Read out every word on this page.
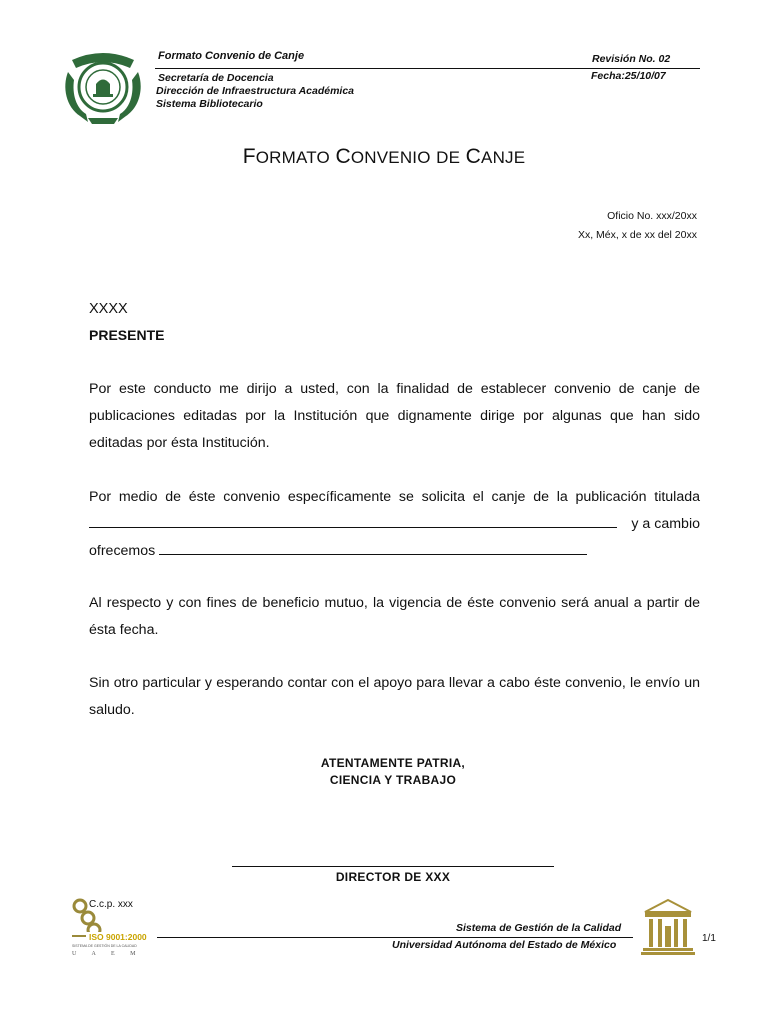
Formato Convenio de Canje	Revisión No. 02
Fecha:25/10/07
Secretaría de Docencia
Dirección de Infraestructura Académica
Sistema Bibliotecario
FORMATO CONVENIO DE CANJE
Oficio No. xxx/20xx
Xx, Méx, x de xx del 20xx
XXXX
PRESENTE
Por este conducto me dirijo a usted, con la finalidad de establecer convenio de canje de publicaciones editadas por la Institución que dignamente dirige por algunas que han sido editadas por ésta Institución.
Por medio de éste convenio específicamente se solicita el canje de la publicación titulada
y a cambio
ofrecemos
Al respecto y con fines de beneficio mutuo, la vigencia de éste convenio será anual a partir de ésta fecha.
Sin otro particular y esperando contar con el apoyo para llevar a cabo éste convenio, le envío un saludo.
ATENTAMENTE PATRIA,
CIENCIA Y TRABAJO
DIRECTOR DE XXX
ISO 9001:2000
SISTEMA DE GESTIÓN DE LA CALIDAD
U A E M
C.c.p. xxx
Sistema de Gestión de la Calidad
Universidad Autónoma del Estado de México
1/1
